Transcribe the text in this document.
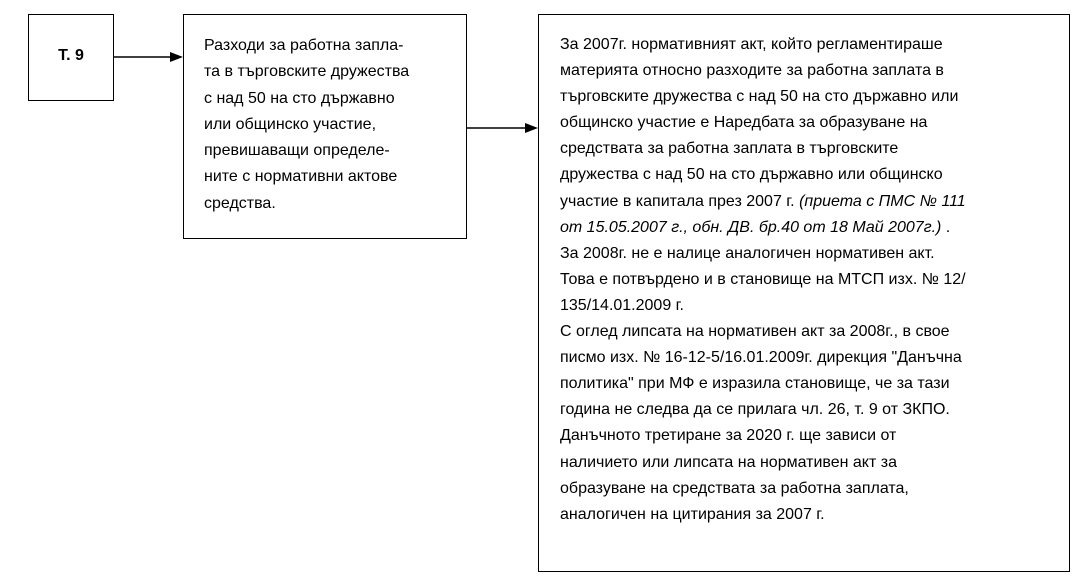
Т. 9
Разходи за работна запла-
та в търговските дружества
с над 50 на сто държавно
или общинско участие,
превишаващи определе-
ните с нормативни актове
средства.
За 2007г. нормативният акт, който регламентираше
материята относно разходите за работна заплата в
търговските дружества с над 50 на сто държавно или
общинско участие е Наредбата за образуване на
средствата за работна заплата в търговските
дружества с над 50 на сто държавно или общинско
участие в капитала през 2007 г. (приета с ПМС № 111
от 15.05.2007 г., обн. ДВ. бр.40 от 18 Май 2007г.) .
За 2008г. не е налице аналогичен нормативен акт.
Това е потвърдено и в становище на МТСП изх. № 12/
135/14.01.2009 г.
С оглед липсата на нормативен акт за 2008г., в свое
писмо изх. № 16-12-5/16.01.2009г. дирекция "Данъчна
политика" при МФ е изразила становище, че за тази
година не следва да се прилага чл. 26, т. 9 от ЗКПО.
Данъчното третиране за 2020 г. ще зависи от
наличието или липсата на нормативен акт за
образуване на средствата за работна заплата,
аналогичен на цитирания за 2007 г.
